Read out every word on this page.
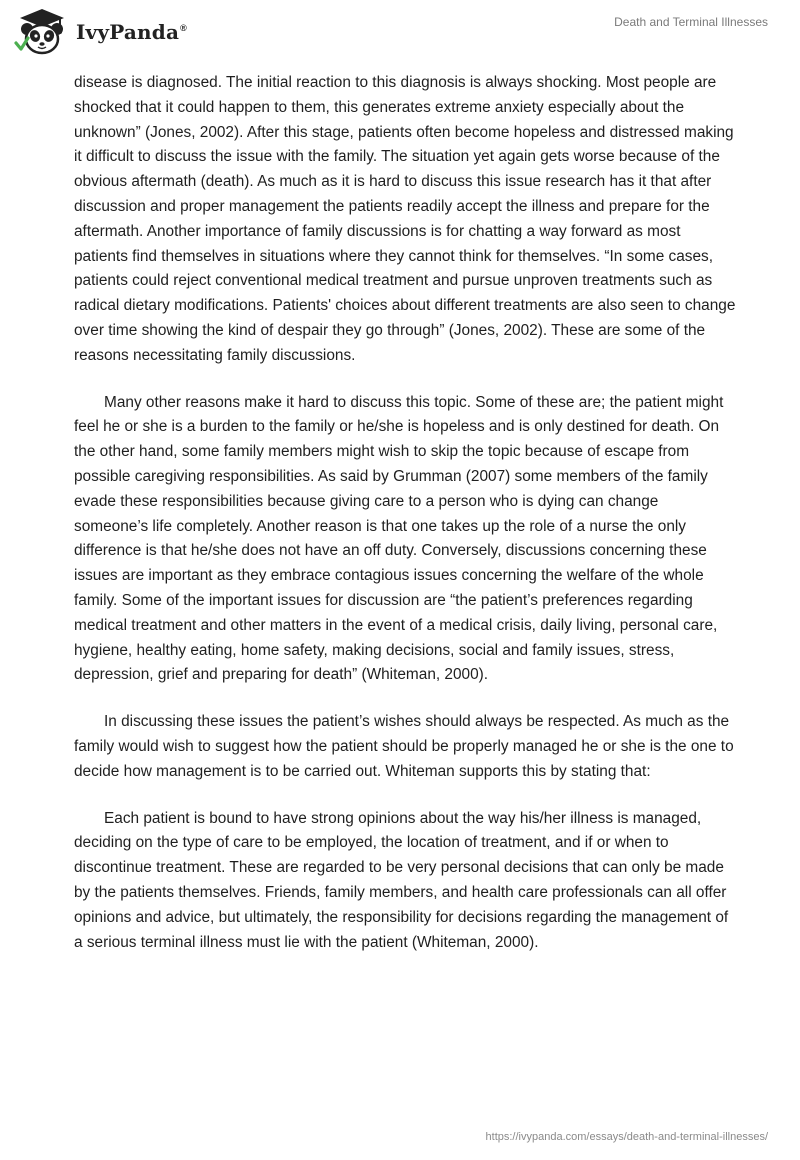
IvyPanda®	Death and Terminal Illnesses

disease is diagnosed. The initial reaction to this diagnosis is always shocking. Most people are shocked that it could happen to them, this generates extreme anxiety especially about the unknown” (Jones, 2002). After this stage, patients often become hopeless and distressed making it difficult to discuss the issue with the family. The situation yet again gets worse because of the obvious aftermath (death). As much as it is hard to discuss this issue research has it that after discussion and proper management the patients readily accept the illness and prepare for the aftermath. Another importance of family discussions is for chatting a way forward as most patients find themselves in situations where they cannot think for themselves. “In some cases, patients could reject conventional medical treatment and pursue unproven treatments such as radical dietary modifications. Patients' choices about different treatments are also seen to change over time showing the kind of despair they go through” (Jones, 2002). These are some of the reasons necessitating family discussions.

Many other reasons make it hard to discuss this topic. Some of these are; the patient might feel he or she is a burden to the family or he/she is hopeless and is only destined for death. On the other hand, some family members might wish to skip the topic because of escape from possible caregiving responsibilities. As said by Grumman (2007) some members of the family evade these responsibilities because giving care to a person who is dying can change someone’s life completely. Another reason is that one takes up the role of a nurse the only difference is that he/she does not have an off duty. Conversely, discussions concerning these issues are important as they embrace contagious issues concerning the welfare of the whole family. Some of the important issues for discussion are “the patient’s preferences regarding medical treatment and other matters in the event of a medical crisis, daily living, personal care, hygiene, healthy eating, home safety, making decisions, social and family issues, stress, depression, grief and preparing for death” (Whiteman, 2000).

In discussing these issues the patient’s wishes should always be respected. As much as the family would wish to suggest how the patient should be properly managed he or she is the one to decide how management is to be carried out. Whiteman supports this by stating that:

Each patient is bound to have strong opinions about the way his/her illness is managed, deciding on the type of care to be employed, the location of treatment, and if or when to discontinue treatment. These are regarded to be very personal decisions that can only be made by the patients themselves. Friends, family members, and health care professionals can all offer opinions and advice, but ultimately, the responsibility for decisions regarding the management of a serious terminal illness must lie with the patient (Whiteman, 2000).

https://ivypanda.com/essays/death-and-terminal-illnesses/
